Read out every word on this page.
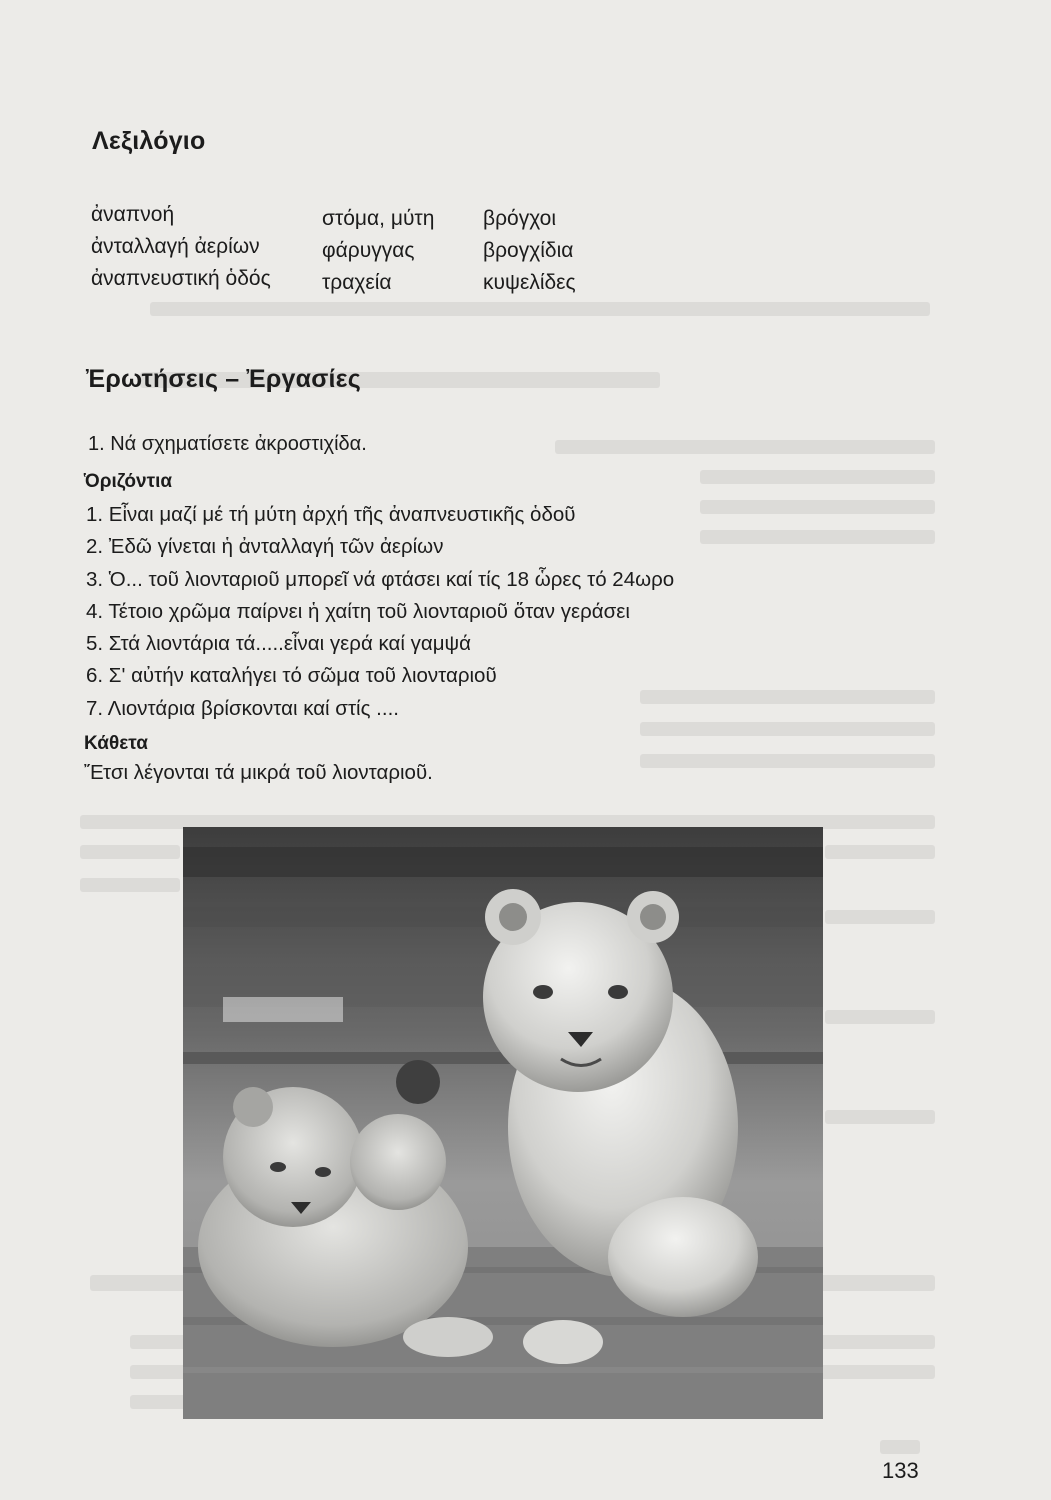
Λεξιλόγιο
ἀναπνοή
ἀνταλλαγή ἀερίων
ἀναπνευστική ὁδός
στόμα, μύτη
φάρυγγας
τραχεία
βρόγχοι
βρογχίδια
κυψελίδες
Ἐρωτήσεις – Ἐργασίες
1. Νά σχηματίσετε ἀκροστιχίδα.
Ὁριζόντια
1. Εἶναι μαζί μέ τή μύτη ἀρχή τῆς ἀναπνευστικῆς ὁδοῦ
2. Ἐδῶ γίνεται ἡ ἀνταλλαγή τῶν ἀερίων
3. Ὁ... τοῦ λιονταριοῦ μπορεῖ νά φτάσει καί τίς 18 ὧρες τό 24ωρο
4. Τέτοιο χρῶμα παίρνει ἡ χαίτη τοῦ λιονταριοῦ ὅταν γεράσει
5. Στά λιοντάρια τά.....εἶναι γερά καί γαμψά
6. Σ' αὐτήν καταλήγει τό σῶμα τοῦ λιονταριοῦ
7. Λιοντάρια βρίσκονται καί στίς ....
Κάθετα
Ἔτσι λέγονται τά μικρά τοῦ λιονταριοῦ.
133
